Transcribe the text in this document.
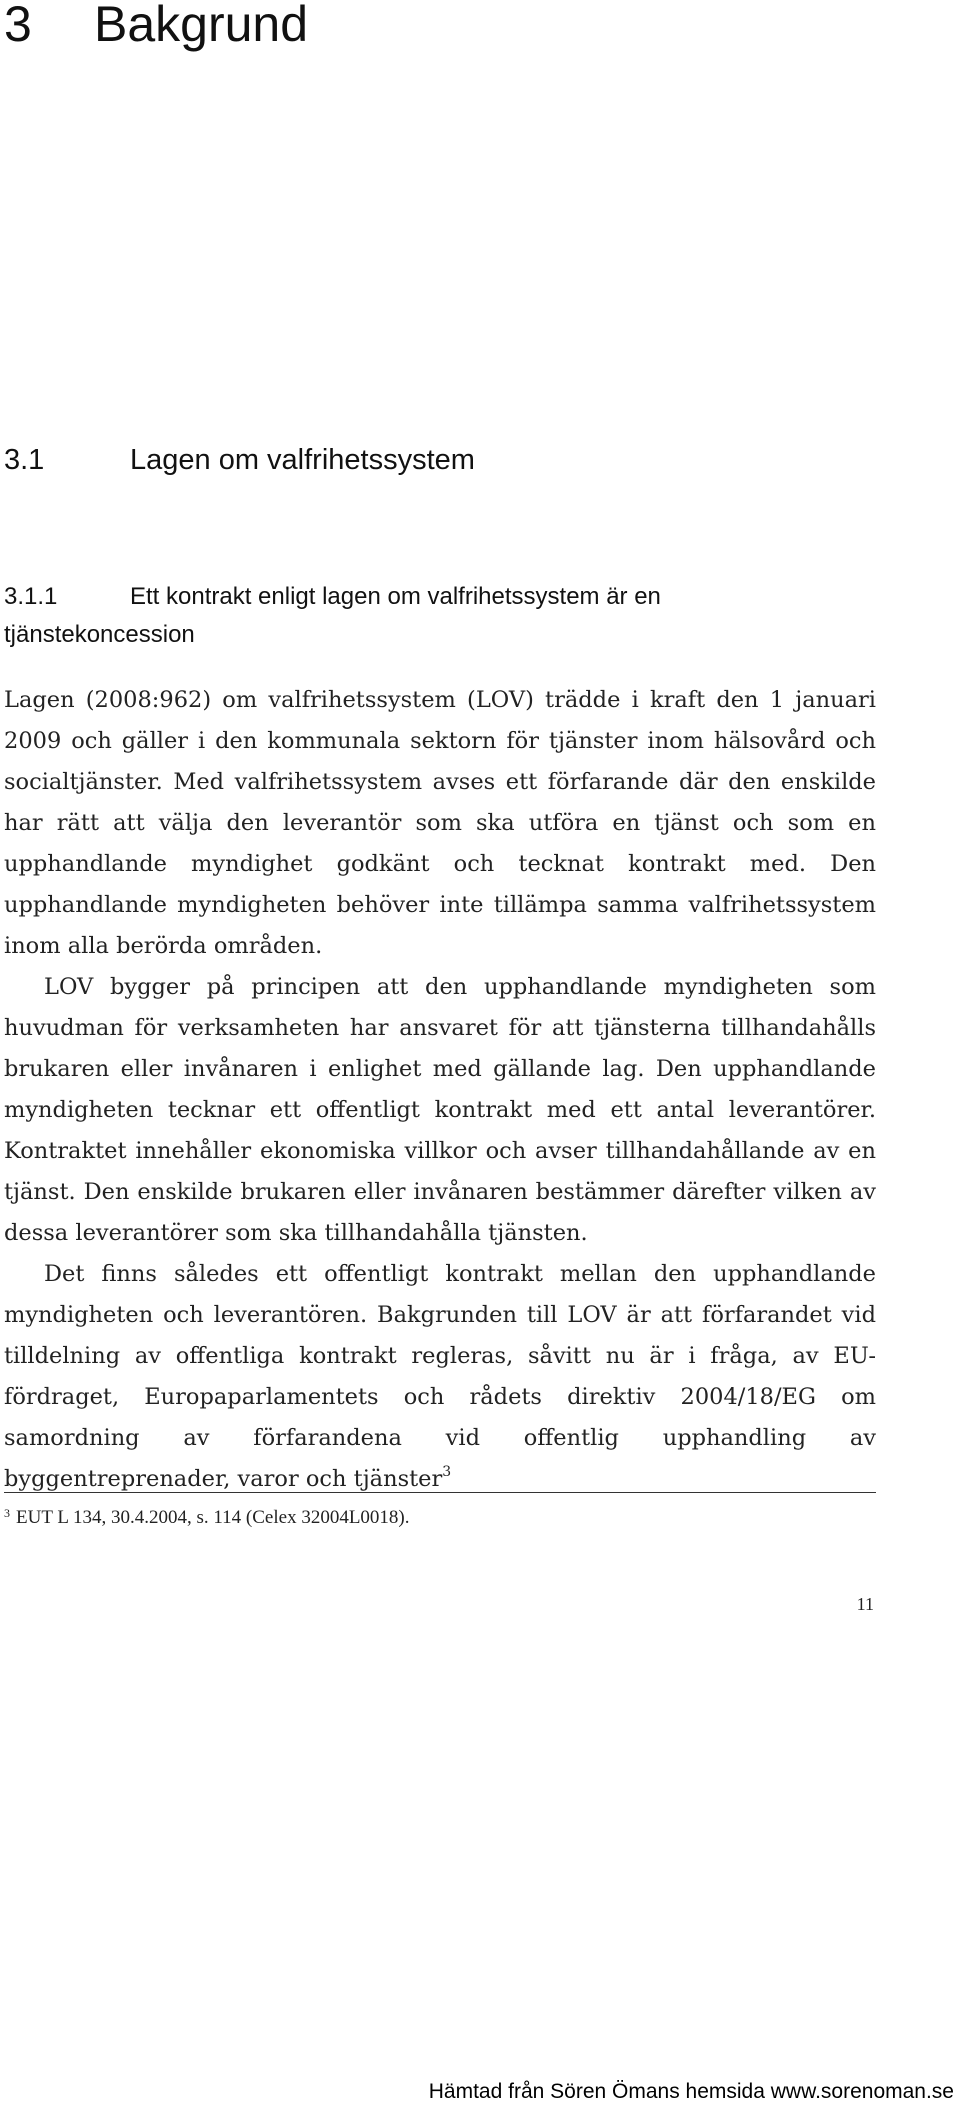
3 Bakgrund
3.1	Lagen om valfrihetssystem
3.1.1	Ett kontrakt enligt lagen om valfrihetssystem är en
tjänstekoncession

Lagen (2008:962) om valfrihetssystem (LOV) trädde i kraft den 1 januari 2009 och gäller i den kommunala sektorn för tjänster inom hälsovård och socialtjänster. Med valfrihetssystem avses ett förfarande där den enskilde har rätt att välja den leverantör som ska utföra en tjänst och som en upphandlande myndighet godkänt och tecknat kontrakt med. Den upphandlande myndigheten behöver inte tillämpa samma valfrihetssystem inom alla berörda områden.

LOV bygger på principen att den upphandlande myndigheten som huvudman för verksamheten har ansvaret för att tjänsterna tillhandahålls brukaren eller invånaren i enlighet med gällande lag. Den upphandlande myndigheten tecknar ett offentligt kontrakt med ett antal leverantörer. Kontraktet innehåller ekonomiska villkor och avser tillhandahållande av en tjänst. Den enskilde brukaren eller invånaren bestämmer därefter vilken av dessa leverantörer som ska tillhandahålla tjänsten.

Det finns således ett offentligt kontrakt mellan den upphandlande myndigheten och leverantören. Bakgrunden till LOV är att förfarandet vid tilldelning av offentliga kontrakt regleras, såvitt nu är i fråga, av EU-fördraget, Europaparlamentets och rådets direktiv 2004/18/EG om samordning av förfarandena vid offentlig upphandling av byggentreprenader, varor och tjänster$^3$

$^3$ EUT L 134, 30.4.2004, s. 114 (Celex 32004L0018).
11
Hämtad från Sören Ömans hemsida www.sorenoman.se
